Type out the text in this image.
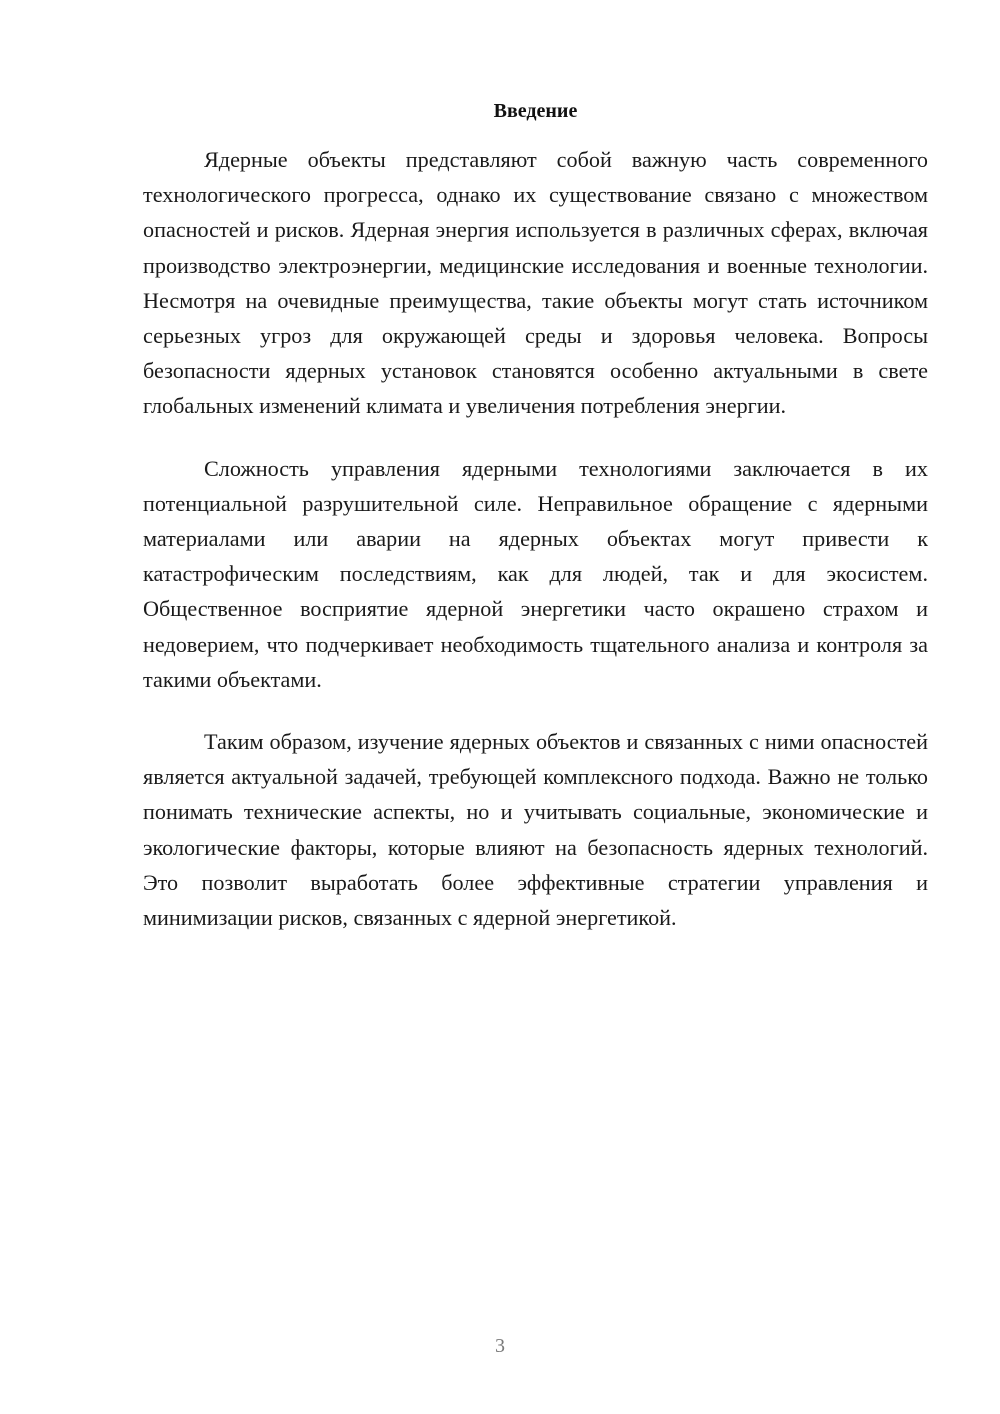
Введение

Ядерные объекты представляют собой важную часть современного технологического прогресса, однако их существование связано с множеством опасностей и рисков. Ядерная энергия используется в различных сферах, включая производство электроэнергии, медицинские исследования и военные технологии. Несмотря на очевидные преимущества, такие объекты могут стать источником серьезных угроз для окружающей среды и здоровья человека. Вопросы безопасности ядерных установок становятся особенно актуальными в свете глобальных изменений климата и увеличения потребления энергии.

Сложность управления ядерными технологиями заключается в их потенциальной разрушительной силе. Неправильное обращение с ядерными материалами или аварии на ядерных объектах могут привести к катастрофическим последствиям, как для людей, так и для экосистем. Общественное восприятие ядерной энергетики часто окрашено страхом и недоверием, что подчеркивает необходимость тщательного анализа и контроля за такими объектами.

Таким образом, изучение ядерных объектов и связанных с ними опасностей является актуальной задачей, требующей комплексного подхода. Важно не только понимать технические аспекты, но и учитывать социальные, экономические и экологические факторы, которые влияют на безопасность ядерных технологий. Это позволит выработать более эффективные стратегии управления и минимизации рисков, связанных с ядерной энергетикой.

3
